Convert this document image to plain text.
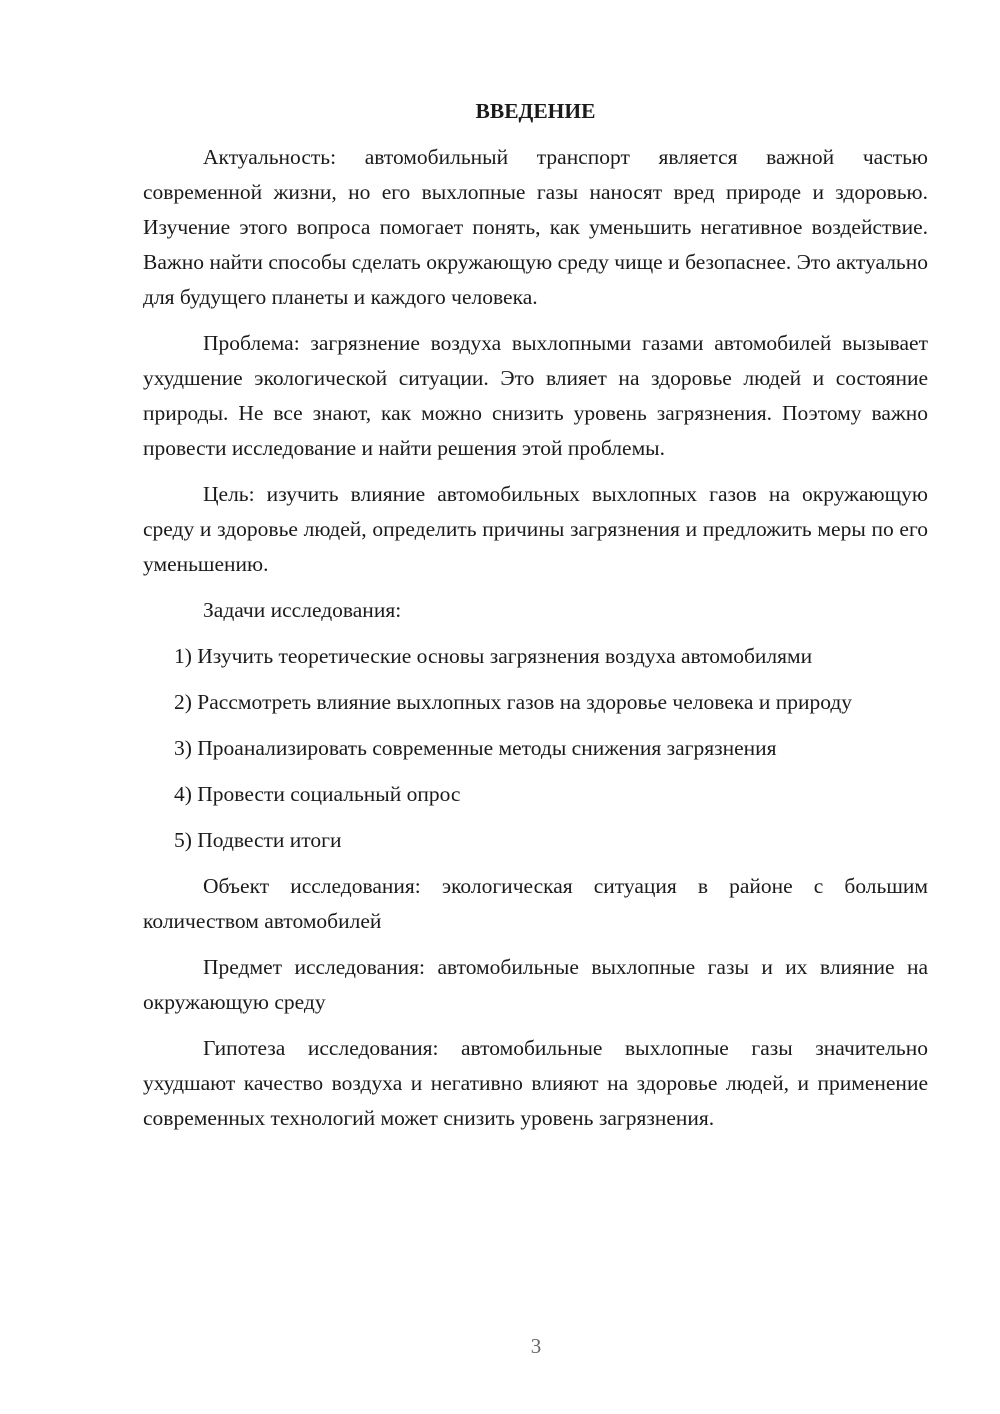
ВВЕДЕНИЕ

Актуальность: автомобильный транспорт является важной частью современной жизни, но его выхлопные газы наносят вред природе и здоровью. Изучение этого вопроса помогает понять, как уменьшить негативное воздействие. Важно найти способы сделать окружающую среду чище и безопаснее. Это актуально для будущего планеты и каждого человека.

Проблема: загрязнение воздуха выхлопными газами автомобилей вызывает ухудшение экологической ситуации. Это влияет на здоровье людей и состояние природы. Не все знают, как можно снизить уровень загрязнения. Поэтому важно провести исследование и найти решения этой проблемы.

Цель: изучить влияние автомобильных выхлопных газов на окружающую среду и здоровье людей, определить причины загрязнения и предложить меры по его уменьшению.

Задачи исследования:

1) Изучить теоретические основы загрязнения воздуха автомобилями
2) Рассмотреть влияние выхлопных газов на здоровье человека и природу
3) Проанализировать современные методы снижения загрязнения
4) Провести социальный опрос
5) Подвести итоги

Объект исследования: экологическая ситуация в районе с большим количеством автомобилей

Предмет исследования: автомобильные выхлопные газы и их влияние на окружающую среду

Гипотеза исследования: автомобильные выхлопные газы значительно ухудшают качество воздуха и негативно влияют на здоровье людей, и применение современных технологий может снизить уровень загрязнения.

3
